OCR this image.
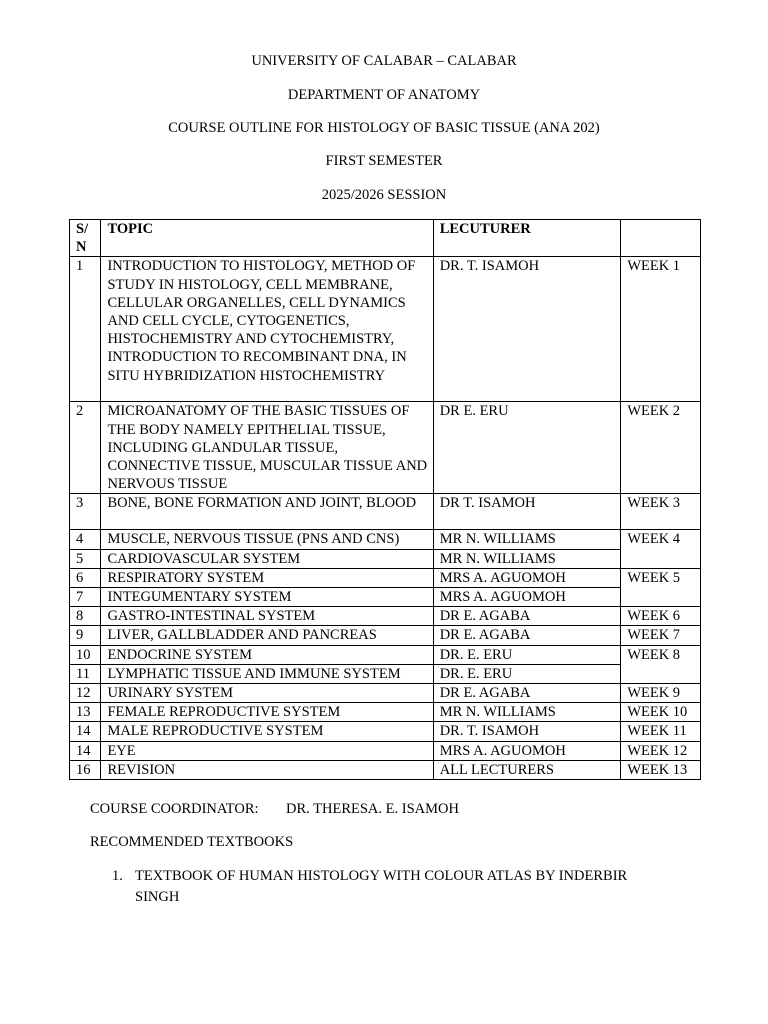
UNIVERSITY OF CALABAR – CALABAR
DEPARTMENT OF ANATOMY
COURSE OUTLINE FOR HISTOLOGY OF BASIC TISSUE (ANA 202)
FIRST SEMESTER
2025/2026 SESSION
S/ N	TOPIC	LECUTURER	
1	INTRODUCTION TO HISTOLOGY, METHOD OF STUDY IN HISTOLOGY, CELL MEMBRANE, CELLULAR ORGANELLES, CELL DYNAMICS AND CELL CYCLE, CYTOGENETICS, HISTOCHEMISTRY AND CYTOCHEMISTRY, INTRODUCTION TO RECOMBINANT DNA, IN SITU HYBRIDIZATION HISTOCHEMISTRY	DR. T. ISAMOH	WEEK 1
2	MICROANATOMY OF THE BASIC TISSUES OF THE BODY NAMELY EPITHELIAL TISSUE, INCLUDING GLANDULAR TISSUE, CONNECTIVE TISSUE, MUSCULAR TISSUE AND NERVOUS TISSUE	DR E. ERU	WEEK 2
3	BONE, BONE FORMATION AND JOINT, BLOOD	DR T. ISAMOH	WEEK 3
4	MUSCLE, NERVOUS TISSUE (PNS AND CNS)	MR N. WILLIAMS	WEEK 4
5	CARDIOVASCULAR SYSTEM	MR N. WILLIAMS	
6	RESPIRATORY SYSTEM	MRS A. AGUOMOH	WEEK 5
7	INTEGUMENTARY SYSTEM	MRS A. AGUOMOH	
8	GASTRO-INTESTINAL SYSTEM	DR E. AGABA	WEEK 6
9	LIVER, GALLBLADDER AND PANCREAS	DR E. AGABA	WEEK 7
10	ENDOCRINE SYSTEM	DR. E. ERU	WEEK 8
11	LYMPHATIC TISSUE AND IMMUNE SYSTEM	DR. E. ERU	
12	URINARY SYSTEM	DR E. AGABA	WEEK 9
13	FEMALE REPRODUCTIVE SYSTEM	MR N. WILLIAMS	WEEK 10
14	MALE REPRODUCTIVE SYSTEM	DR. T. ISAMOH	WEEK 11
14	EYE	MRS A. AGUOMOH	WEEK 12
16	REVISION	ALL LECTURERS	WEEK 13
COURSE COORDINATOR: DR. THERESA. E. ISAMOH
RECOMMENDED TEXTBOOKS
1. TEXTBOOK OF HUMAN HISTOLOGY WITH COLOUR ATLAS BY INDERBIR SINGH
